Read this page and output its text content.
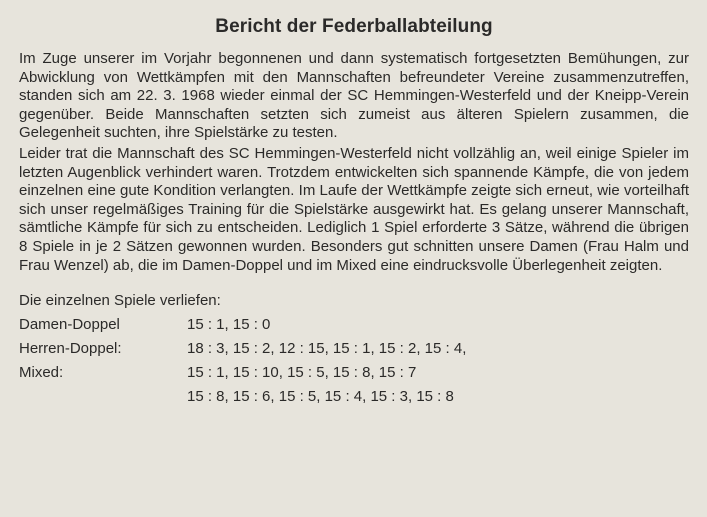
Bericht der Federballabteilung

Im Zuge unserer im Vorjahr begonnenen und dann systematisch fortgesetzten Bemühungen, zur Abwicklung von Wettkämpfen mit den Mannschaften befreundeter Vereine zusammenzutreffen, standen sich am 22. 3. 1968 wieder einmal der SC Hemmingen-Westerfeld und der Kneipp-Verein gegenüber. Beide Mannschaften setzten sich zumeist aus älteren Spielern zusammen, die Gelegenheit suchten, ihre Spielstärke zu testen.

Leider trat die Mannschaft des SC Hemmingen-Westerfeld nicht vollzählig an, weil einige Spieler im letzten Augenblick verhindert waren. Trotzdem entwickelten sich spannende Kämpfe, die von jedem einzelnen eine gute Kondition verlangten. Im Laufe der Wettkämpfe zeigte sich erneut, wie vorteilhaft sich unser regelmäßiges Training für die Spielstärke ausgewirkt hat. Es gelang unserer Mannschaft, sämtliche Kämpfe für sich zu entscheiden. Lediglich 1 Spiel erforderte 3 Sätze, während die übrigen 8 Spiele in je 2 Sätzen gewonnen wurden. Besonders gut schnitten unsere Damen (Frau Halm und Frau Wenzel) ab, die im Damen-Doppel und im Mixed eine eindrucksvolle Überlegenheit zeigten.

Die einzelnen Spiele verliefen:

Damen-Doppel	15 : 1, 15 : 0
Herren-Doppel:	18 : 3, 15 : 2, 12 : 15, 15 : 1, 15 : 2, 15 : 4,
Mixed:	15 : 1, 15 : 10, 15 : 5, 15 : 8, 15 : 7
15 : 8, 15 : 6, 15 : 5, 15 : 4, 15 : 3, 15 : 8
